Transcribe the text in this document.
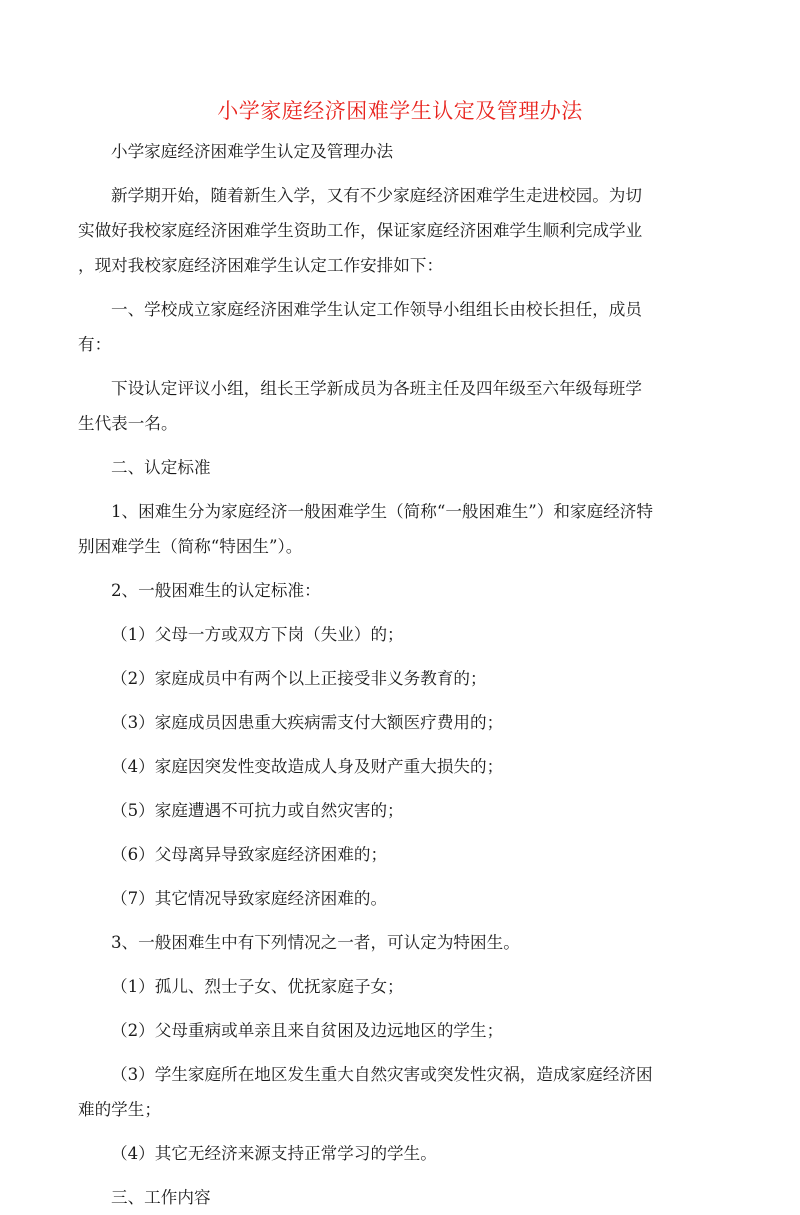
小学家庭经济困难学生认定及管理办法

小学家庭经济困难学生认定及管理办法

新学期开始，随着新生入学，又有不少家庭经济困难学生走进校园。为切
实做好我校家庭经济困难学生资助工作，保证家庭经济困难学生顺利完成学业
，现对我校家庭经济困难学生认定工作安排如下：

一、学校成立家庭经济困难学生认定工作领导小组组长由校长担任，成员
有：

下设认定评议小组，组长王学新成员为各班主任及四年级至六年级每班学
生代表一名。

二、认定标准

1、困难生分为家庭经济一般困难学生（简称“一般困难生”）和家庭经济特
别困难学生（简称“特困生”）。

2、一般困难生的认定标准：

（1）父母一方或双方下岗（失业）的；

（2）家庭成员中有两个以上正接受非义务教育的；

（3）家庭成员因患重大疾病需支付大额医疗费用的；

（4）家庭因突发性变故造成人身及财产重大损失的；

（5）家庭遭遇不可抗力或自然灾害的；

（6）父母离异导致家庭经济困难的；

（7）其它情况导致家庭经济困难的。

3、一般困难生中有下列情况之一者，可认定为特困生。

（1）孤儿、烈士子女、优抚家庭子女；

（2）父母重病或单亲且来自贫困及边远地区的学生；

（3）学生家庭所在地区发生重大自然灾害或突发性灾祸，造成家庭经济困
难的学生；

（4）其它无经济来源支持正常学习的学生。

三、工作内容
